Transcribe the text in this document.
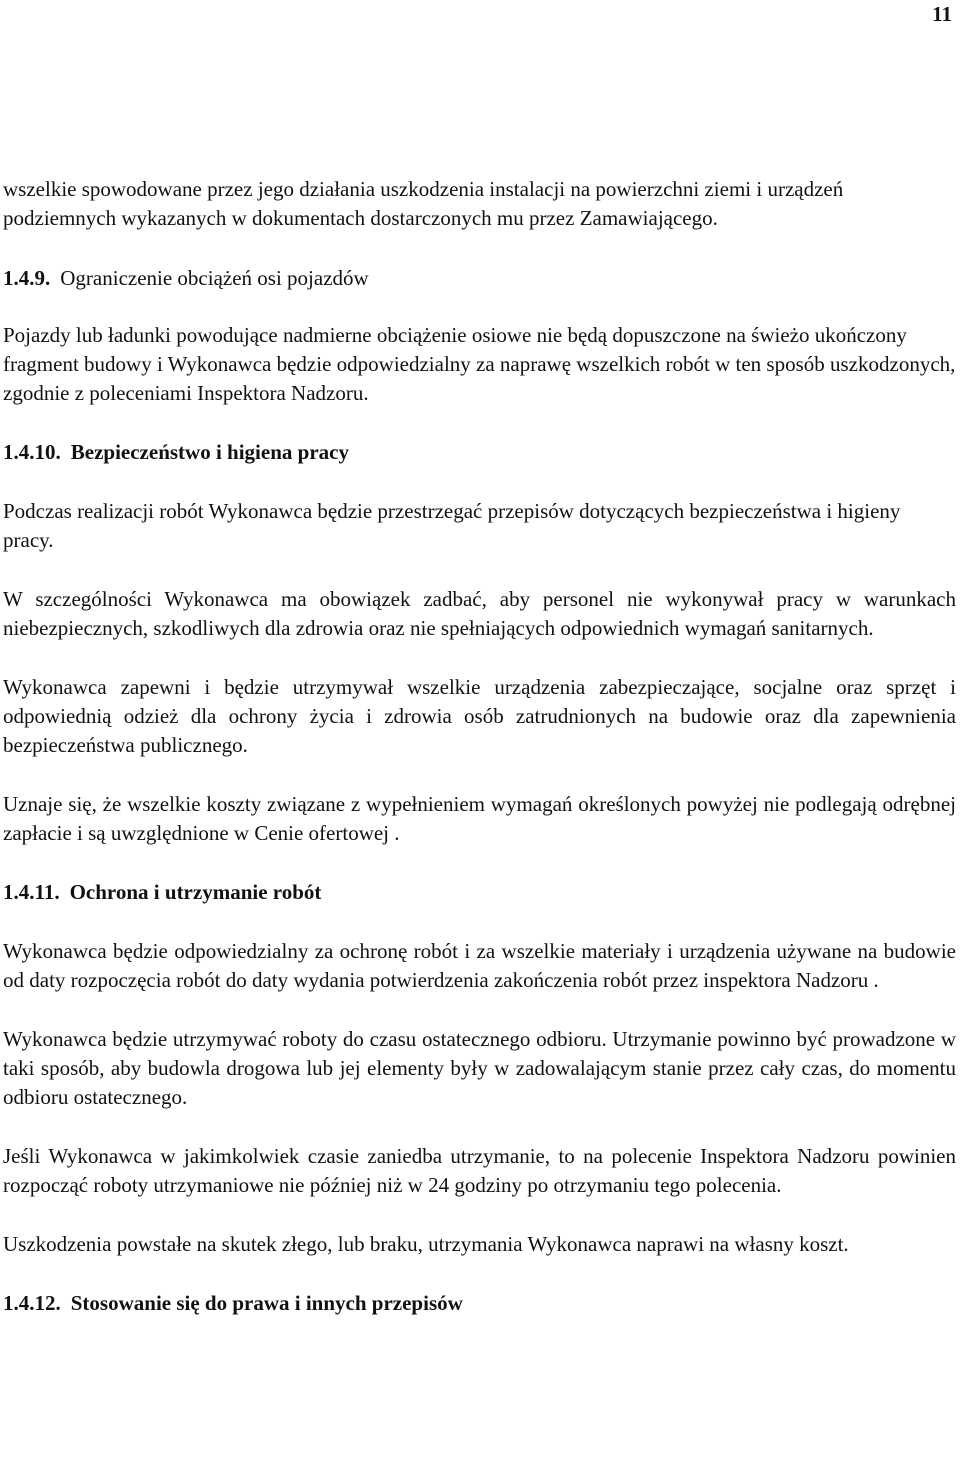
11

wszelkie spowodowane przez jego działania uszkodzenia instalacji na powierzchni ziemi i urządzeń podziemnych wykazanych w dokumentach dostarczonych mu przez Zamawiającego.

1.4.9. Ograniczenie obciążeń osi pojazdów

Pojazdy lub ładunki powodujące nadmierne obciążenie osiowe nie będą dopuszczone na świeżo ukończony fragment budowy i Wykonawca będzie odpowiedzialny za naprawę wszelkich robót w ten sposób uszkodzonych, zgodnie z poleceniami Inspektora Nadzoru.

1.4.10. Bezpieczeństwo i higiena pracy

Podczas realizacji robót Wykonawca będzie przestrzegać przepisów dotyczących bezpieczeństwa i higieny pracy.

W szczególności Wykonawca ma obowiązek zadbać, aby personel nie wykonywał pracy w warunkach niebezpiecznych, szkodliwych dla zdrowia oraz nie spełniających odpowiednich wymagań sanitarnych.

Wykonawca zapewni i będzie utrzymywał wszelkie urządzenia zabezpieczające, socjalne oraz sprzęt i odpowiednią odzież dla ochrony życia i zdrowia osób zatrudnionych na budowie oraz dla zapewnienia bezpieczeństwa publicznego.

Uznaje się, że wszelkie koszty związane z wypełnieniem wymagań określonych powyżej nie podlegają odrębnej zapłacie i są uwzględnione w Cenie ofertowej .

1.4.11. Ochrona i utrzymanie robót

Wykonawca będzie odpowiedzialny za ochronę robót i za wszelkie materiały i urządzenia używane na budowie od daty rozpoczęcia robót do daty wydania potwierdzenia zakończenia robót przez inspektora Nadzoru .

Wykonawca będzie utrzymywać roboty do czasu ostatecznego odbioru. Utrzymanie powinno być prowadzone w taki sposób, aby budowla drogowa lub jej elementy były w zadowalającym stanie przez cały czas, do momentu odbioru ostatecznego.

Jeśli Wykonawca w jakimkolwiek czasie zaniedba utrzymanie, to na polecenie Inspektora Nadzoru powinien rozpocząć roboty utrzymaniowe nie później niż w 24 godziny po otrzymaniu tego polecenia.

Uszkodzenia powstałe na skutek złego, lub braku, utrzymania Wykonawca naprawi na własny koszt.

1.4.12. Stosowanie się do prawa i innych przepisów
